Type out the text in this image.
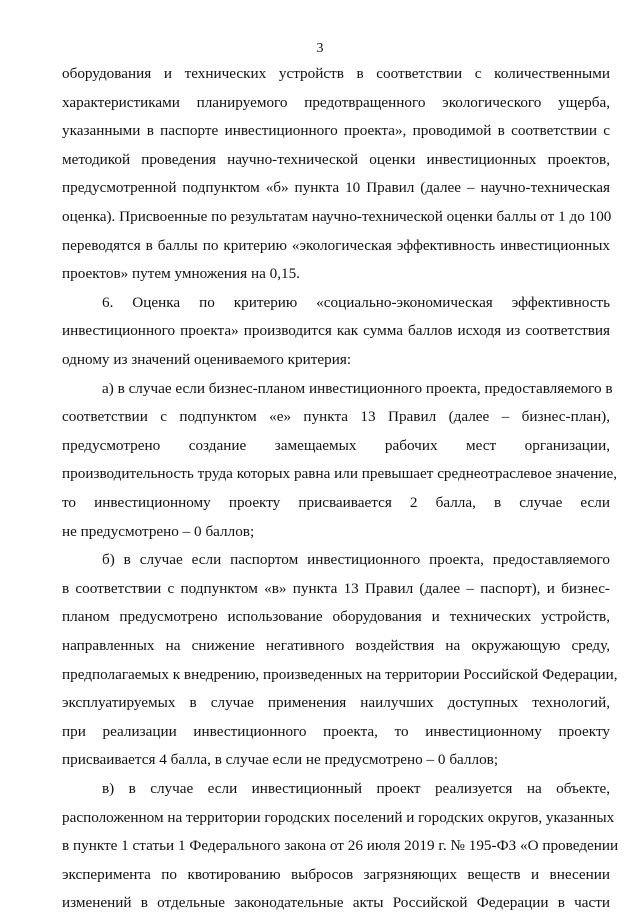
3
оборудования и технических устройств в соответствии с количественными
характеристиками планируемого предотвращенного экологического ущерба,
указанными в паспорте инвестиционного проекта», проводимой в соответствии с
методикой проведения научно-технической оценки инвестиционных проектов,
предусмотренной подпунктом «б» пункта 10 Правил (далее – научно-техническая
оценка). Присвоенные по результатам научно-технической оценки баллы от 1 до 100
переводятся в баллы по критерию «экологическая эффективность инвестиционных
проектов» путем умножения на 0,15.
6. Оценка по критерию «социально-экономическая эффективность
инвестиционного проекта» производится как сумма баллов исходя из соответствия
одному из значений оцениваемого критерия:
а) в случае если бизнес-планом инвестиционного проекта, предоставляемого в
соответствии с подпунктом «е» пункта 13 Правил (далее – бизнес-план),
предусмотрено создание замещаемых рабочих мест организации,
производительность труда которых равна или превышает среднеотраслевое значение,
то инвестиционному проекту присваивается 2 балла, в случае если
не предусмотрено – 0 баллов;
б) в случае если паспортом инвестиционного проекта, предоставляемого
в соответствии с подпунктом «в» пункта 13 Правил (далее – паспорт), и бизнес-
планом предусмотрено использование оборудования и технических устройств,
направленных на снижение негативного воздействия на окружающую среду,
предполагаемых к внедрению, произведенных на территории Российской Федерации,
эксплуатируемых в случае применения наилучших доступных технологий,
при реализации инвестиционного проекта, то инвестиционному проекту
присваивается 4 балла, в случае если не предусмотрено – 0 баллов;
в) в случае если инвестиционный проект реализуется на объекте,
расположенном на территории городских поселений и городских округов, указанных
в пункте 1 статьи 1 Федерального закона от 26 июля 2019 г. № 195-ФЗ «О проведении
эксперимента по квотированию выбросов загрязняющих веществ и внесении
изменений в отдельные законодательные акты Российской Федерации в части
